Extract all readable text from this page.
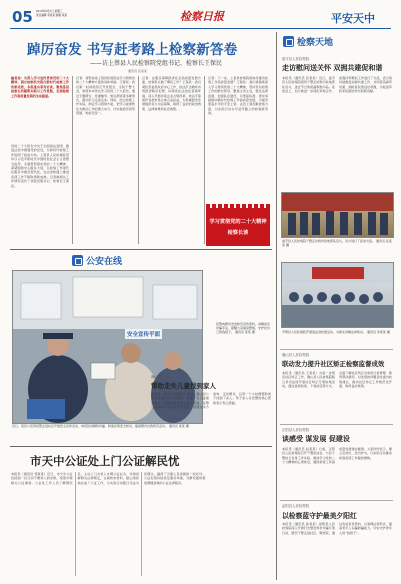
05 2018年9月5日 星期三
责任编辑 李某某 邮箱 某某	检察日报	平安天中
踔厉奋发 书写赶考路上检察新答卷
——访上蔡县人民检察院党组书记、检察长王保民
通讯员 张某某
编者按：为深入学习宣传贯彻党的二十大精神，展示检察机关践行新时代检察工作的新成效，本报推出系列访谈，聚焦基层检察长的履职实践与工作思路，呈现检察工作高质量发展的生动画面。
党的二十大报告中关于全面依法治国、推进法治中国建设的论述，为新时代检察工作指明了前进方向。上蔡县人民检察院坚持以习近平新时代中国特色社会主义思想为指导，全面贯彻落实党的二十大精神，紧紧围绕中心服务大局，以检察工作现代化服务中国式现代化，在法治轨道上推进各项工作不断取得新成效。记者就相关工作情况采访了该院党组书记、检察长王保民。
记者：请您谈谈上蔡县检察院在学习贯彻党的二十大精神方面的具体举措。王保民：我们第一时间组织召开党组会、全院干警大会，原原本本传达学习党的二十大报告，通过专题研讨、党课辅导、知识测试等多种形式，推动学习走深走实。同时，结合检察工作实际，制定学习贯彻方案，把学习成果转化为推动工作的强大动力，切实做到学思用贯通、知信行统一。
记者：在服务保障经济社会高质量发展方面，检察机关做了哪些工作？王保民：我们紧扣县委县政府中心工作，依法打击破坏市场经济秩序犯罪，持续优化法治化营商环境，深入开展涉案企业合规改革，依法平等保护各类市场主体合法权益，为县域经济发展提供有力司法保障，取得了良好的政治效果、法律效果和社会效果。
记者：下一步，上蔡县检察院将如何推动检察工作高质量发展？王保民：我们将继续深入学习贯彻党的二十大精神，坚持党对检察工作的绝对领导，聚焦主责主业，强化法律监督，加强队伍建设，以更高标准、更实举措推动新时代检察工作高质量发展，为建设更高水平的平安上蔡、法治上蔡贡献检察力量，以实际行动书写赶考路上的检察新答卷。
学习贯彻党的二十大精神
检察长谈
公安在线
安全宣传平面
民警向群众发放防范宣传资料，讲解常见诈骗手法，提醒大家提高警惕，守护好自己的钱袋子。 通讯员 某某 摄
近日，某县公安局民警走进社区开展安全宣传活动，向居民讲解防诈骗、防盗窃等安全知识，提高群众自我防范意识。 通讯员 某某 摄
确山县公安局
帮助走失儿童找到家人
本报讯（通讯员 周某某）近日，确山县公安局民警在街头巡逻时，发现一名儿童独自哭泣，经询问得知其与家人走散。民警立即将孩子带回派出所安抚，并通过多方查询、走访群众，仅用一个小时便帮助孩子找到了家人。孩子家人对民警的热心帮助表示衷心感谢。
市天中公证处上门公证解民忧
本报讯（通讯员 郑某某）近日，市天中公证处接到一位行动不便老人的求助，希望办理相关公证事项。公证处工作人员了解情况后，主动上门为老人办理公证业务，详细讲解相关法律规定，认真核实材料，耐心细致地完成了公证工作，以实际行动践行司法为民理念，赢得了当事人及家属的一致好评。公证处将持续优化服务举措，为群众提供更加便捷高效的公证法律服务。
检察天地
遂平县人民检察院
走访慰问送关怀 双拥共建促和谐
本报讯（通讯员 张某某）近日，遂平县人民检察院组织干警走访慰问驻地部队官兵，送去节日的祝福和慰问品。座谈会上，双方就进一步深化军地合作、加强涉军维权工作进行了交流，表示将持续推进双拥共建工作，共同营造拥军优属、拥政爱民的良好氛围，为促进军政军民团结作出积极贡献。
遂平县人民检察院干警走访慰问驻地部队官兵，双方进行了座谈交流。 通讯员 张某某 摄
平舆县人民检察院开展送法进校园活动，为师生讲解法律知识。 通讯员 李某某 摄
确山县人民检察院
联动发力提升社区矫正检察监督成效
本报讯（通讯员 王某某）为进一步规范社区矫正工作，确山县人民检察院联合县司法局开展社区矫正专项检察活动，通过查阅档案、个别谈话等方式，全面了解社区矫正对象的日常管理、教育帮扶情况，对发现的问题及时提出检察建议，推动社区矫正工作规范化开展，取得良好效果。
正阳县人民检察院
谈感受 谋发展 促建设
本报讯（通讯员 赵某某）日前，正阳县人民检察院召开干警座谈会，与会干警结合自身工作实际，畅谈学习党的二十大精神的心得体会，围绕检察工作高质量发展建言献策。大家纷纷表示，要立足岗位、担当作为，以实际行动推动检察各项工作提质增效。
泌阳县人民检察院
以检察蓝守护最美夕阳红
本报讯（通讯员 孙某某）泌阳县人民检察院深入开展打击整治养老诈骗专项行动，组织干警走进社区、敬老院，通过发放宣传资料、以案释法等形式，提高老年人识骗防骗能力，切实守护老年人的“钱袋子”。
